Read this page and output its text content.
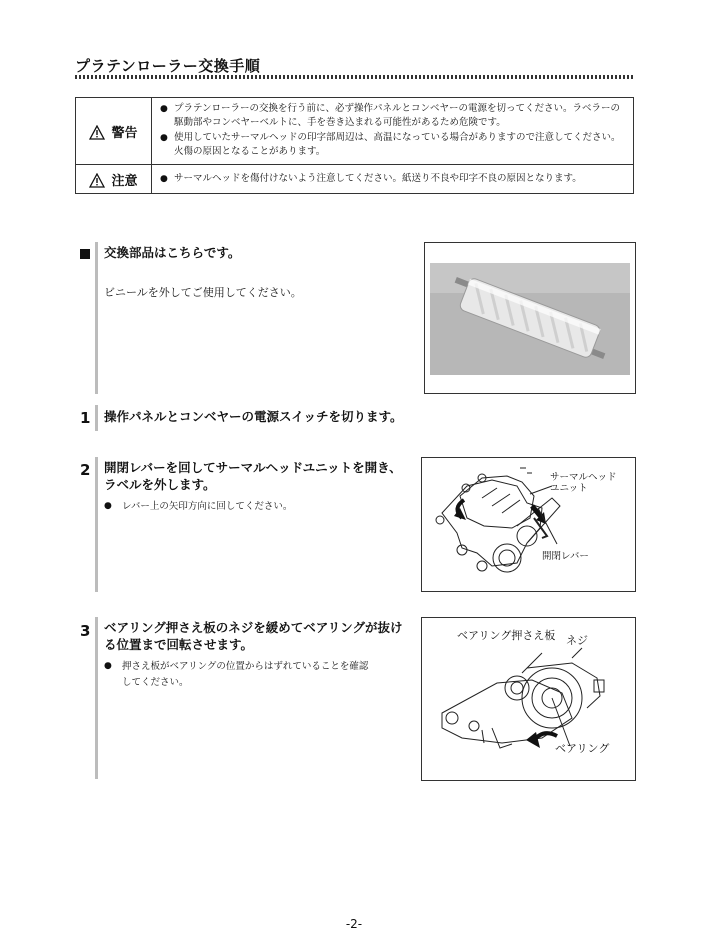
プラテンローラー交換手順
警告	● プラテンローラーの交換を行う前に、必ず操作パネルとコンベヤーの電源を切ってください。ラベラーの駆動部やコンベヤーベルトに、手を巻き込まれる可能性があるため危険です。
● 使用していたサーマルヘッドの印字部周辺は、高温になっている場合がありますので注意してください。火傷の原因となることがあります。

注意	● サーマルヘッドを傷付けないよう注意してください。紙送り不良や印字不良の原因となります。
交換部品はこちらです。
ビニールを外してご使用してください。
1 操作パネルとコンベヤーの電源スイッチを切ります。
2 開閉レバーを回してサーマルヘッドユニットを開き、
ラベルを外します。
●	レバー上の矢印方向に回してください。
サーマルヘッド
ユニット
開閉レバー
3 ベアリング押さえ板のネジを緩めてベアリングが抜け
る位置まで回転させます。
●	押さえ板がベアリングの位置からはずれていることを確認
してください。
ベアリング押さえ板 ネジ
ベアリング
-2-
